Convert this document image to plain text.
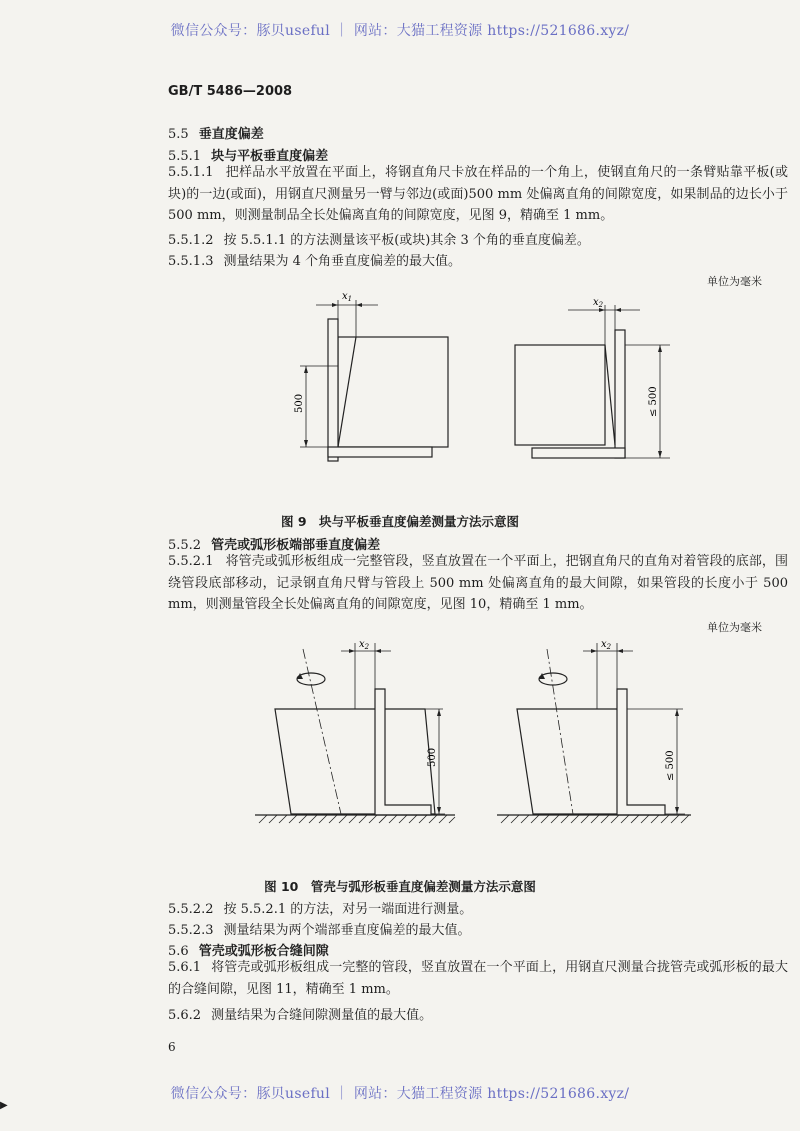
微信公众号：豚贝useful ｜ 网站：大猫工程资源 https://521686.xyz/
微信公众号：豚贝useful ｜ 网站：大猫工程资源 https://521686.xyz/
GB/T 5486—2008
5.5 垂直度偏差
5.5.1 块与平板垂直度偏差
5.5.1.1 把样品水平放置在平面上，将钢直角尺卡放在样品的一个角上，使钢直角尺的一条臂贴靠平板(或块)的一边(或面)，用钢直尺测量另一臂与邻边(或面)500 mm 处偏离直角的间隙宽度，如果制品的边长小于 500 mm，则测量制品全长处偏离直角的间隙宽度，见图 9，精确至 1 mm。
5.5.1.2 按 5.5.1.1 的方法测量该平板(或块)其余 3 个角的垂直度偏差。
5.5.1.3 测量结果为 4 个角垂直度偏差的最大值。
单位为毫米
$x_1$	$x_2$
500	≤ 500
图 9　块与平板垂直度偏差测量方法示意图
5.5.2 管壳或弧形板端部垂直度偏差
5.5.2.1 将管壳或弧形板组成一完整管段，竖直放置在一个平面上，把钢直角尺的直角对着管段的底部，围绕管段底部移动，记录钢直角尺臂与管段上 500 mm 处偏离直角的最大间隙，如果管段的长度小于 500 mm，则测量管段全长处偏离直角的间隙宽度，见图 10，精确至 1 mm。
单位为毫米
$x_2$	$x_2$
500	≤ 500
图 10　管壳与弧形板垂直度偏差测量方法示意图
5.5.2.2 按 5.5.2.1 的方法，对另一端面进行测量。
5.5.2.3 测量结果为两个端部垂直度偏差的最大值。
5.6 管壳或弧形板合缝间隙
5.6.1 将管壳或弧形板组成一完整的管段，竖直放置在一个平面上，用钢直尺测量合拢管壳或弧形板的最大的合缝间隙，见图 11，精确至 1 mm。
5.6.2 测量结果为合缝间隙测量值的最大值。
6
▶
